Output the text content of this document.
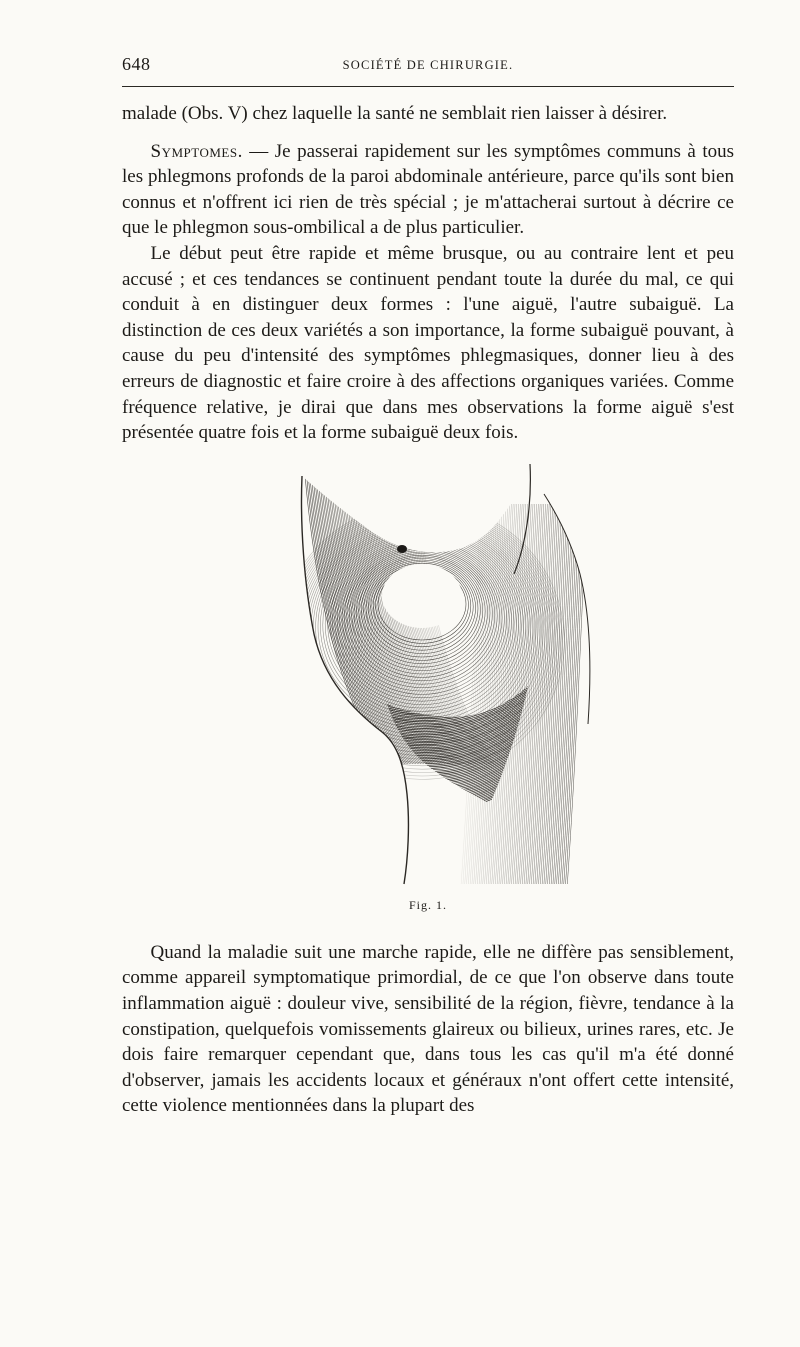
648	SOCIÉTÉ DE CHIRURGIE.

malade (Obs. V) chez laquelle la santé ne semblait rien laisser à désirer.

  Symptomes. — Je passerai rapidement sur les symptômes communs à tous les phlegmons profonds de la paroi abdominale antérieure, parce qu'ils sont bien connus et n'offrent ici rien de très spécial ; je m'attacherai surtout à décrire ce que le phlegmon sous-ombilical a de plus particulier.

  Le début peut être rapide et même brusque, ou au contraire lent et peu accusé ; et ces tendances se continuent pendant toute la durée du mal, ce qui conduit à en distinguer deux formes : l'une aiguë, l'autre subaiguë. La distinction de ces deux variétés a son importance, la forme subaiguë pouvant, à cause du peu d'intensité des symptômes phlegmasiques, donner lieu à des erreurs de diagnostic et faire croire à des affections organiques variées. Comme fréquence relative, je dirai que dans mes observations la forme aiguë s'est présentée quatre fois et la forme subaiguë deux fois.

Fig. 1.

  Quand la maladie suit une marche rapide, elle ne diffère pas sensiblement, comme appareil symptomatique primordial, de ce que l'on observe dans toute inflammation aiguë : douleur vive, sensibilité de la région, fièvre, tendance à la constipation, quelquefois vomissements glaireux ou bilieux, urines rares, etc. Je dois faire remarquer cependant que, dans tous les cas qu'il m'a été donné d'observer, jamais les accidents locaux et généraux n'ont offert cette intensité, cette violence mentionnées dans la plupart des
